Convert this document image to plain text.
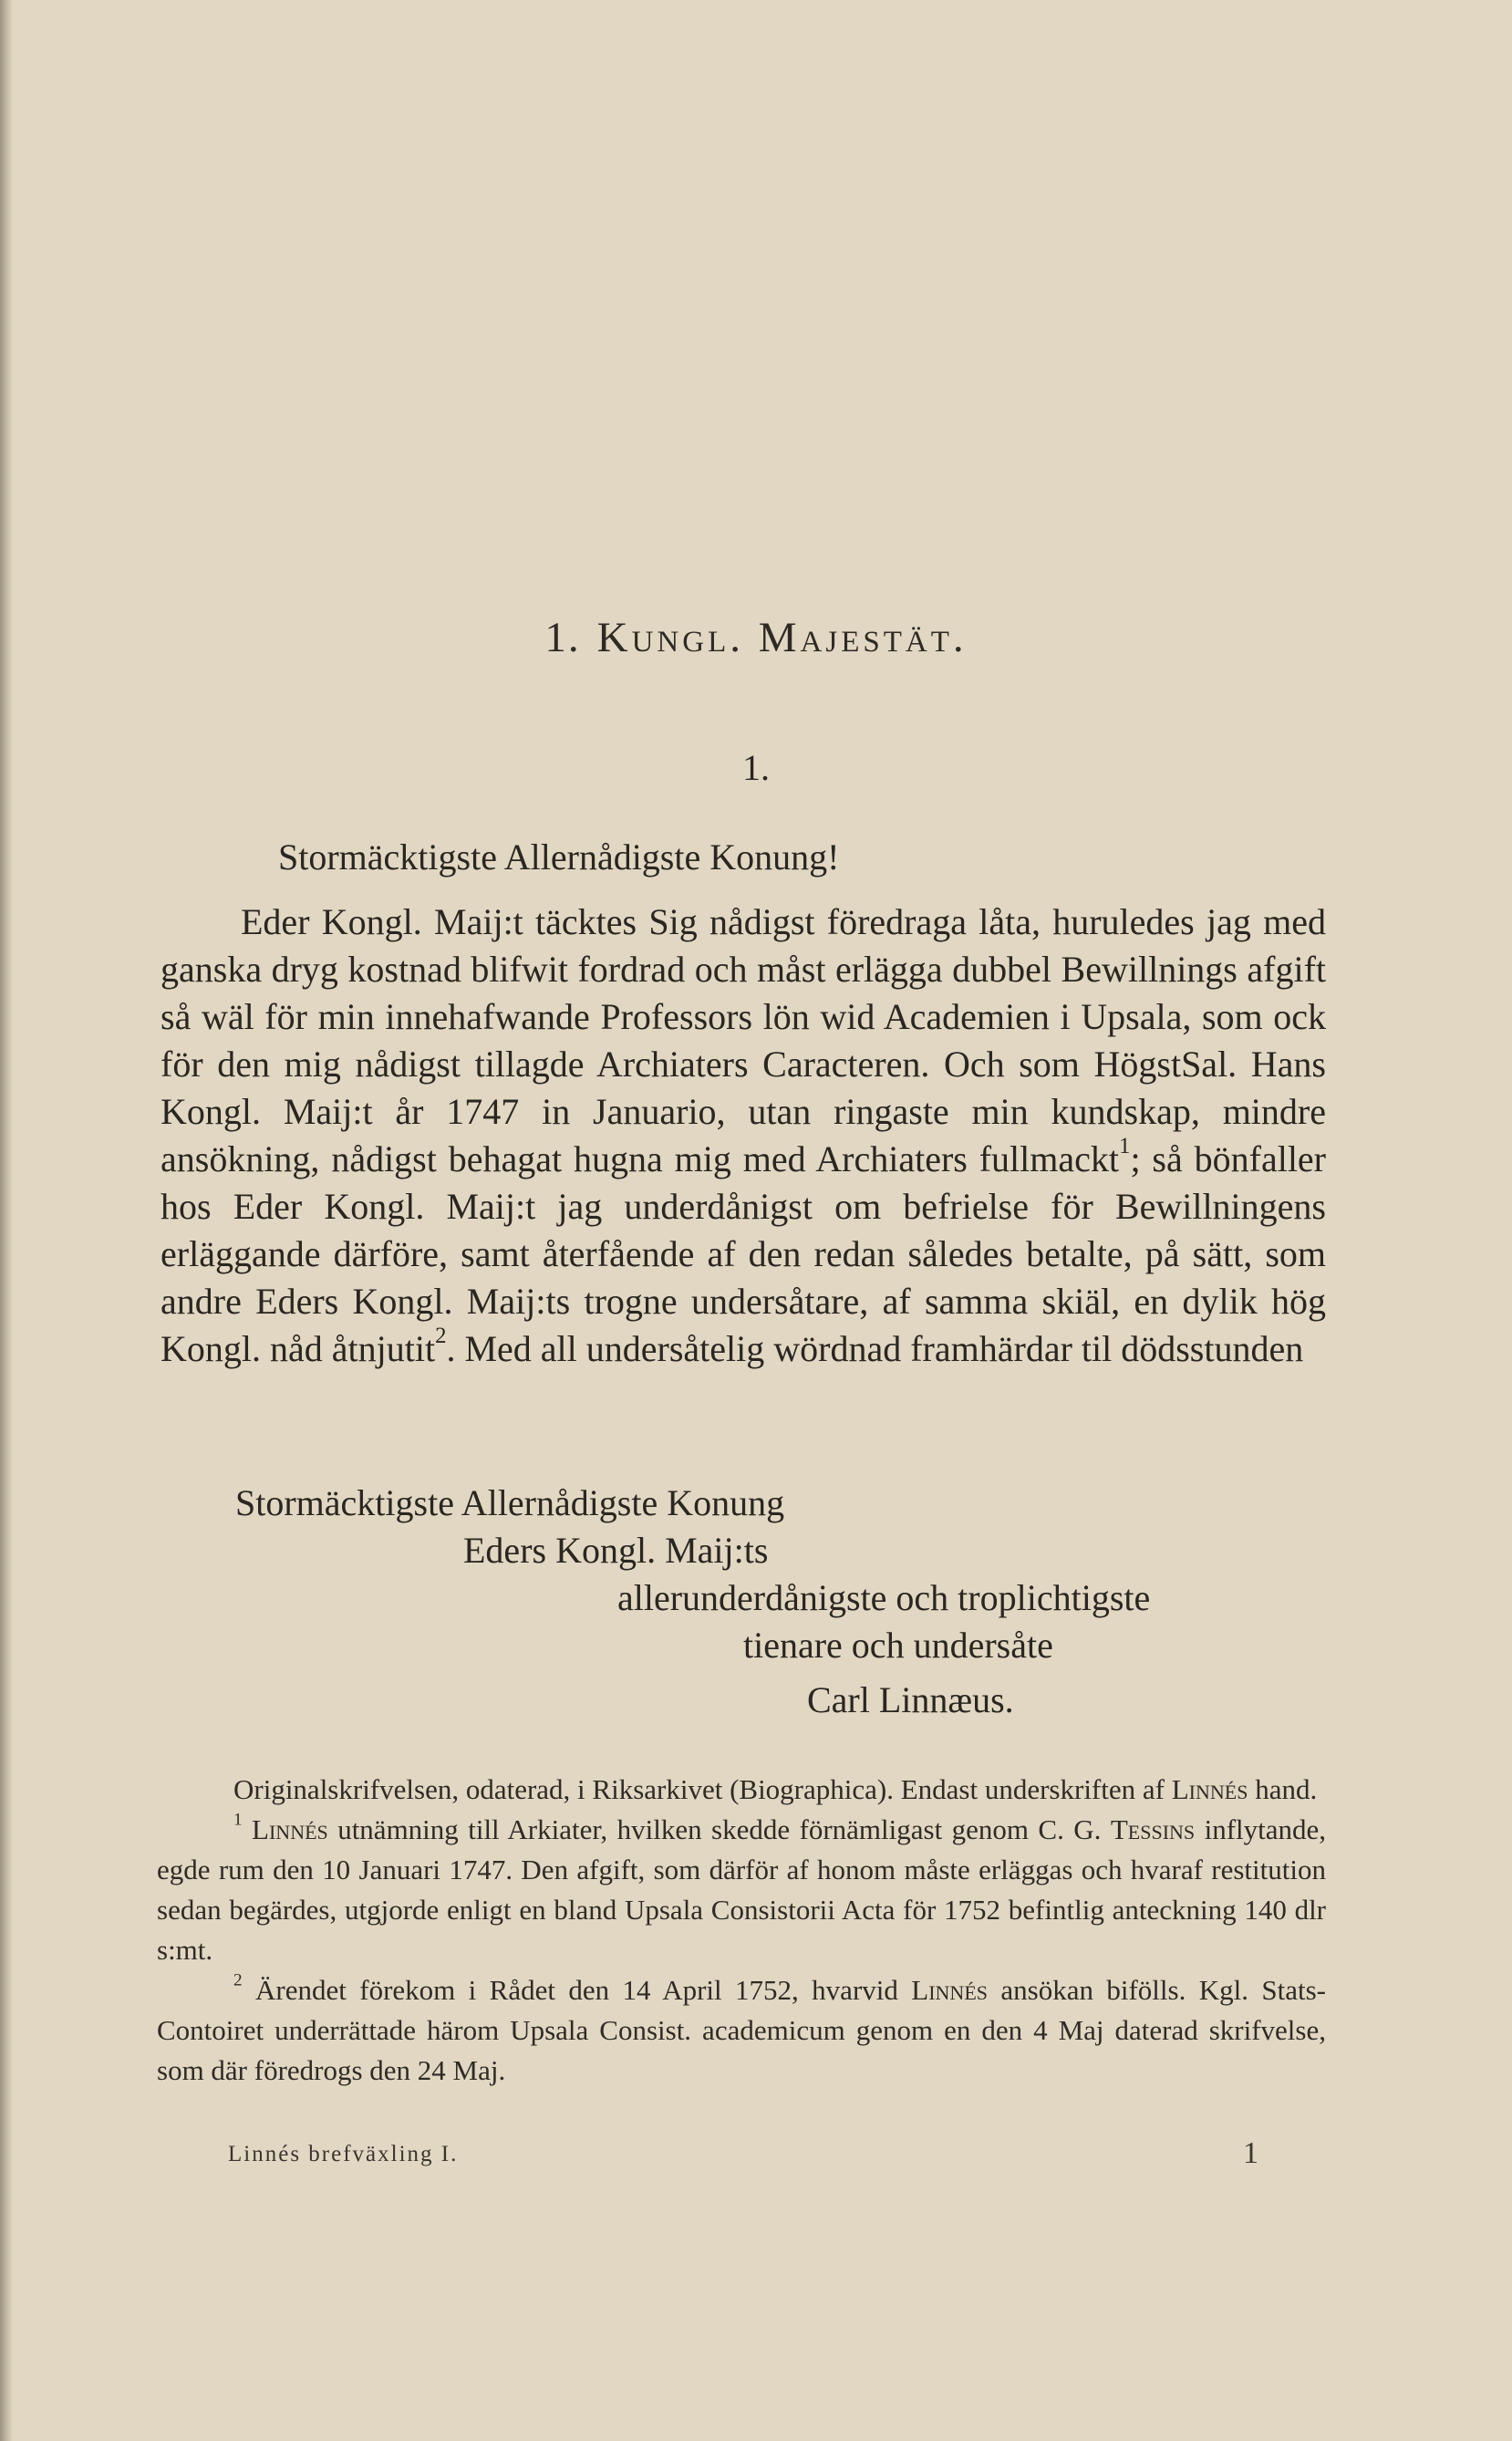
1. Kungl. Majestät.
1.
Stormäcktigste Allernådigste Konung!

Eder Kongl. Maij:t täcktes Sig nådigst föredraga låta, huruledes jag med ganska dryg kostnad blifwit fordrad och måst erlägga dubbel Bewillnings afgift så wäl för min innehafwande Professors lön wid Academien i Upsala, som ock för den mig nådigst tillagde Archiaters Caracteren. Och som HögstSal. Hans Kongl. Maij:t år 1747 in Januario, utan ringaste min kundskap, mindre ansökning, nådigst behagat hugna mig med Archiaters fullmackt$^1$; så bönfaller hos Eder Kongl. Maij:t jag underdånigst om befrielse för Bewillningens erläggande därföre, samt återfående af den redan således betalte, på sätt, som andre Eders Kongl. Maij:ts trogne undersåtare, af samma skiäl, en dylik hög Kongl. nåd åtnjutit$^2$. Med all undersåtelig wördnad framhärdar til dödsstunden

Stormäcktigste Allernådigste Konung
Eders Kongl. Maij:ts
allerunderdånigste och troplichtigste
tienare och undersåte
Carl Linnæus.

Originalskrifvelsen, odaterad, i Riksarkivet (Biographica). Endast underskriften af Linnés hand.

$^1$ Linnés utnämning till Arkiater, hvilken skedde förnämligast genom C. G. Tessins inflytande, egde rum den 10 Januari 1747. Den afgift, som därför af honom måste erläggas och hvaraf restitution sedan begärdes, utgjorde enligt en bland Upsala Consistorii Acta för 1752 befintlig anteckning 140 dlr s:mt.

$^2$ Ärendet förekom i Rådet den 14 April 1752, hvarvid Linnés ansökan bifölls. Kgl. Stats-Contoiret underrättade härom Upsala Consist. academicum genom en den 4 Maj daterad skrifvelse, som där föredrogs den 24 Maj.

Linnés brefväxling I.	1
